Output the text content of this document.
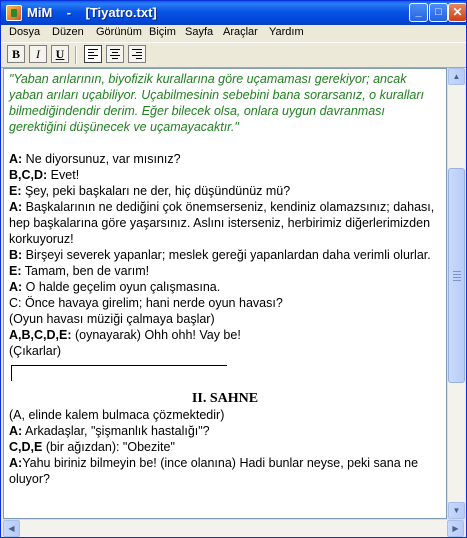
MiM    -    [Tiyatro.txt]	_	□ ✕
Dosya Düzen Görünüm Biçim Sayfa Araçlar Yardım
B	I	U

"Yaban arılarının, biyofizik kurallarına göre uçamaması gerekiyor; ancak yaban arıları uçabiliyor. Uçabilmesinin sebebini bana sorarsanız, o kuralları bilmediğindendir derim. Eğer bilecek olsa, onlara uygun davranması gerektiğini düşünecek ve uçamayacaktır."

A: Ne diyorsunuz, var mısınız?

B,C,D: Evet!

E: Şey, peki başkaları ne der, hiç düşündünüz mü?

A: Başkalarının ne dediğini çok önemserseniz, kendiniz olamazsınız; dahası, hep başkalarına göre yaşarsınız. Aslını isterseniz, herbirimiz diğerlerimizden korkuyoruz!

B: Birşeyi severek yapanlar; meslek gereği yapanlardan daha verimli olurlar.

E: Tamam, ben de varım!

A: O halde geçelim oyun çalışmasına.

C: Önce havaya girelim; hani nerde oyun havası?

(Oyun havası müziği çalmaya başlar)

A,B,C,D,E: (oynayarak) Ohh ohh! Vay be!

(Çıkarlar)

II. SAHNE

(A, elinde kalem bulmaca çözmektedir)

A: Arkadaşlar, "şişmanlık hastalığı"?

C,D,E (bir ağızdan): "Obezite"

A:Yahu biriniz bilmeyin be! (ince olanına) Hadi bunlar neyse, peki sana ne oluyor?

▲
▼
◀	▶
